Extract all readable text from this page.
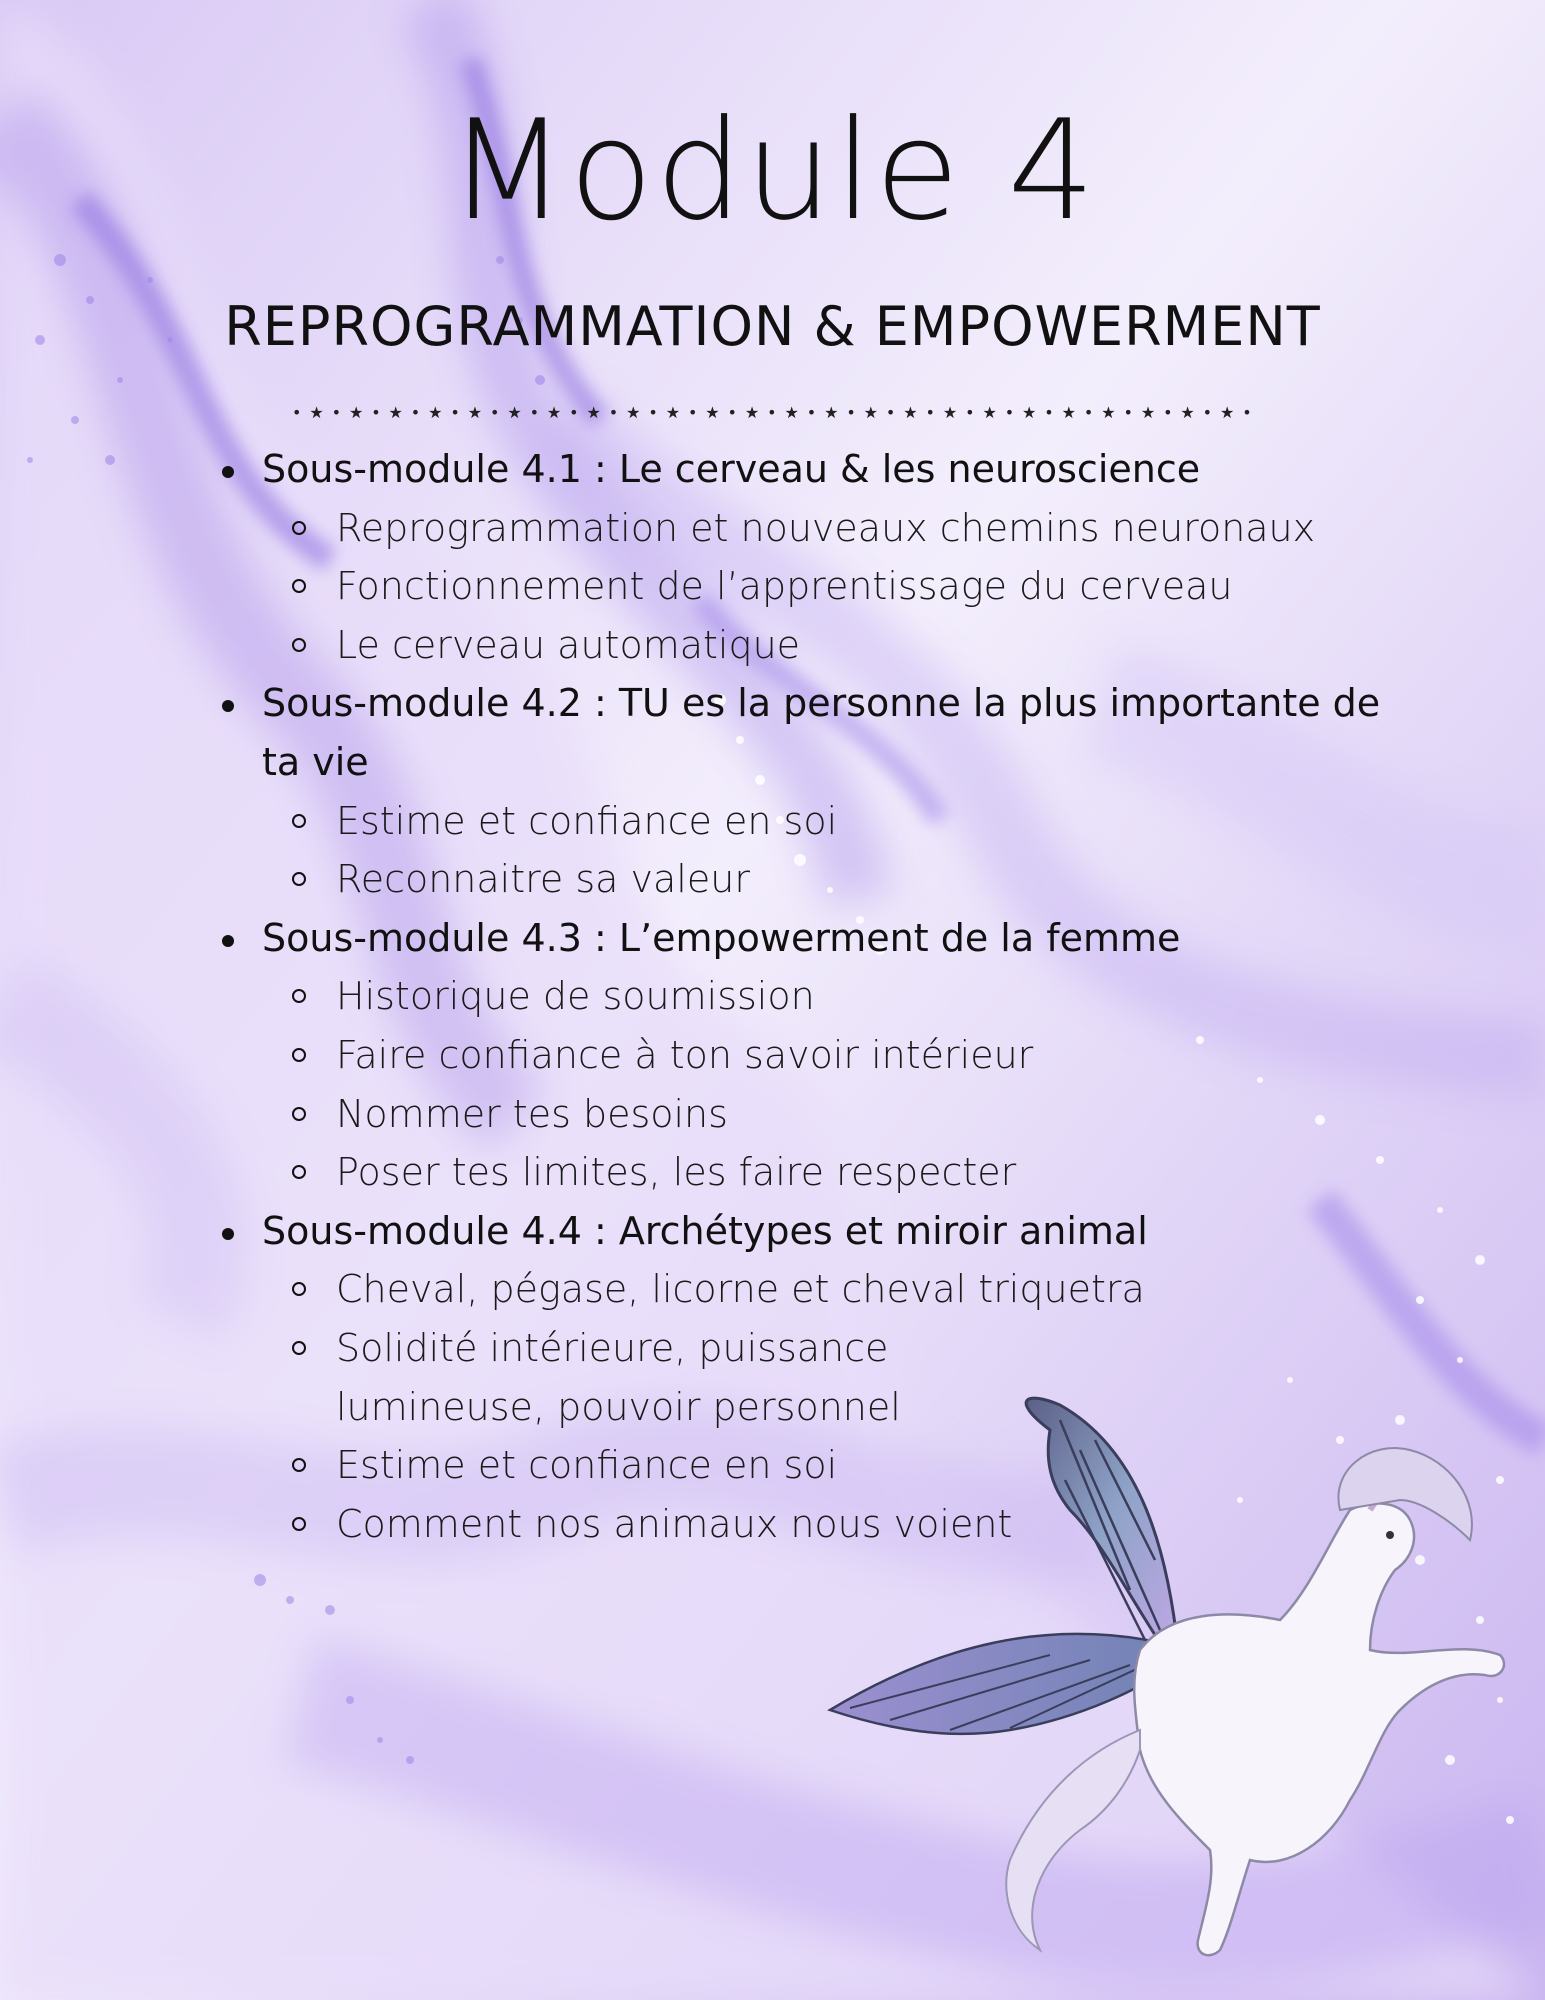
Module 4
REPROGRAMMATION & EMPOWERMENT
• ★ • ★ • ★ • ★ • ★ • ★ • ★ • ★ • ★ • ★ • ★ • ★ • ★ • ★ • ★ • ★ • ★ • ★ • ★ • ★ • ★ • ★ • ★ • ★ •
Sous-module 4.1 : Le cerveau & les neuroscience
Reprogrammation et nouveaux chemins neuronaux
Fonctionnement de l’apprentissage du cerveau
Le cerveau automatique
Sous-module 4.2 : TU es la personne la plus importante de ta vie
Estime et confiance en soi
Reconnaitre sa valeur
Sous-module 4.3 : L’empowerment de la femme
Historique de soumission
Faire confiance à ton savoir intérieur
Nommer tes besoins
Poser tes limites, les faire respecter
Sous-module 4.4 : Archétypes et miroir animal
Cheval, pégase, licorne et cheval triquetra
Solidité intérieure, puissance lumineuse, pouvoir personnel
Estime et confiance en soi
Comment nos animaux nous voient
